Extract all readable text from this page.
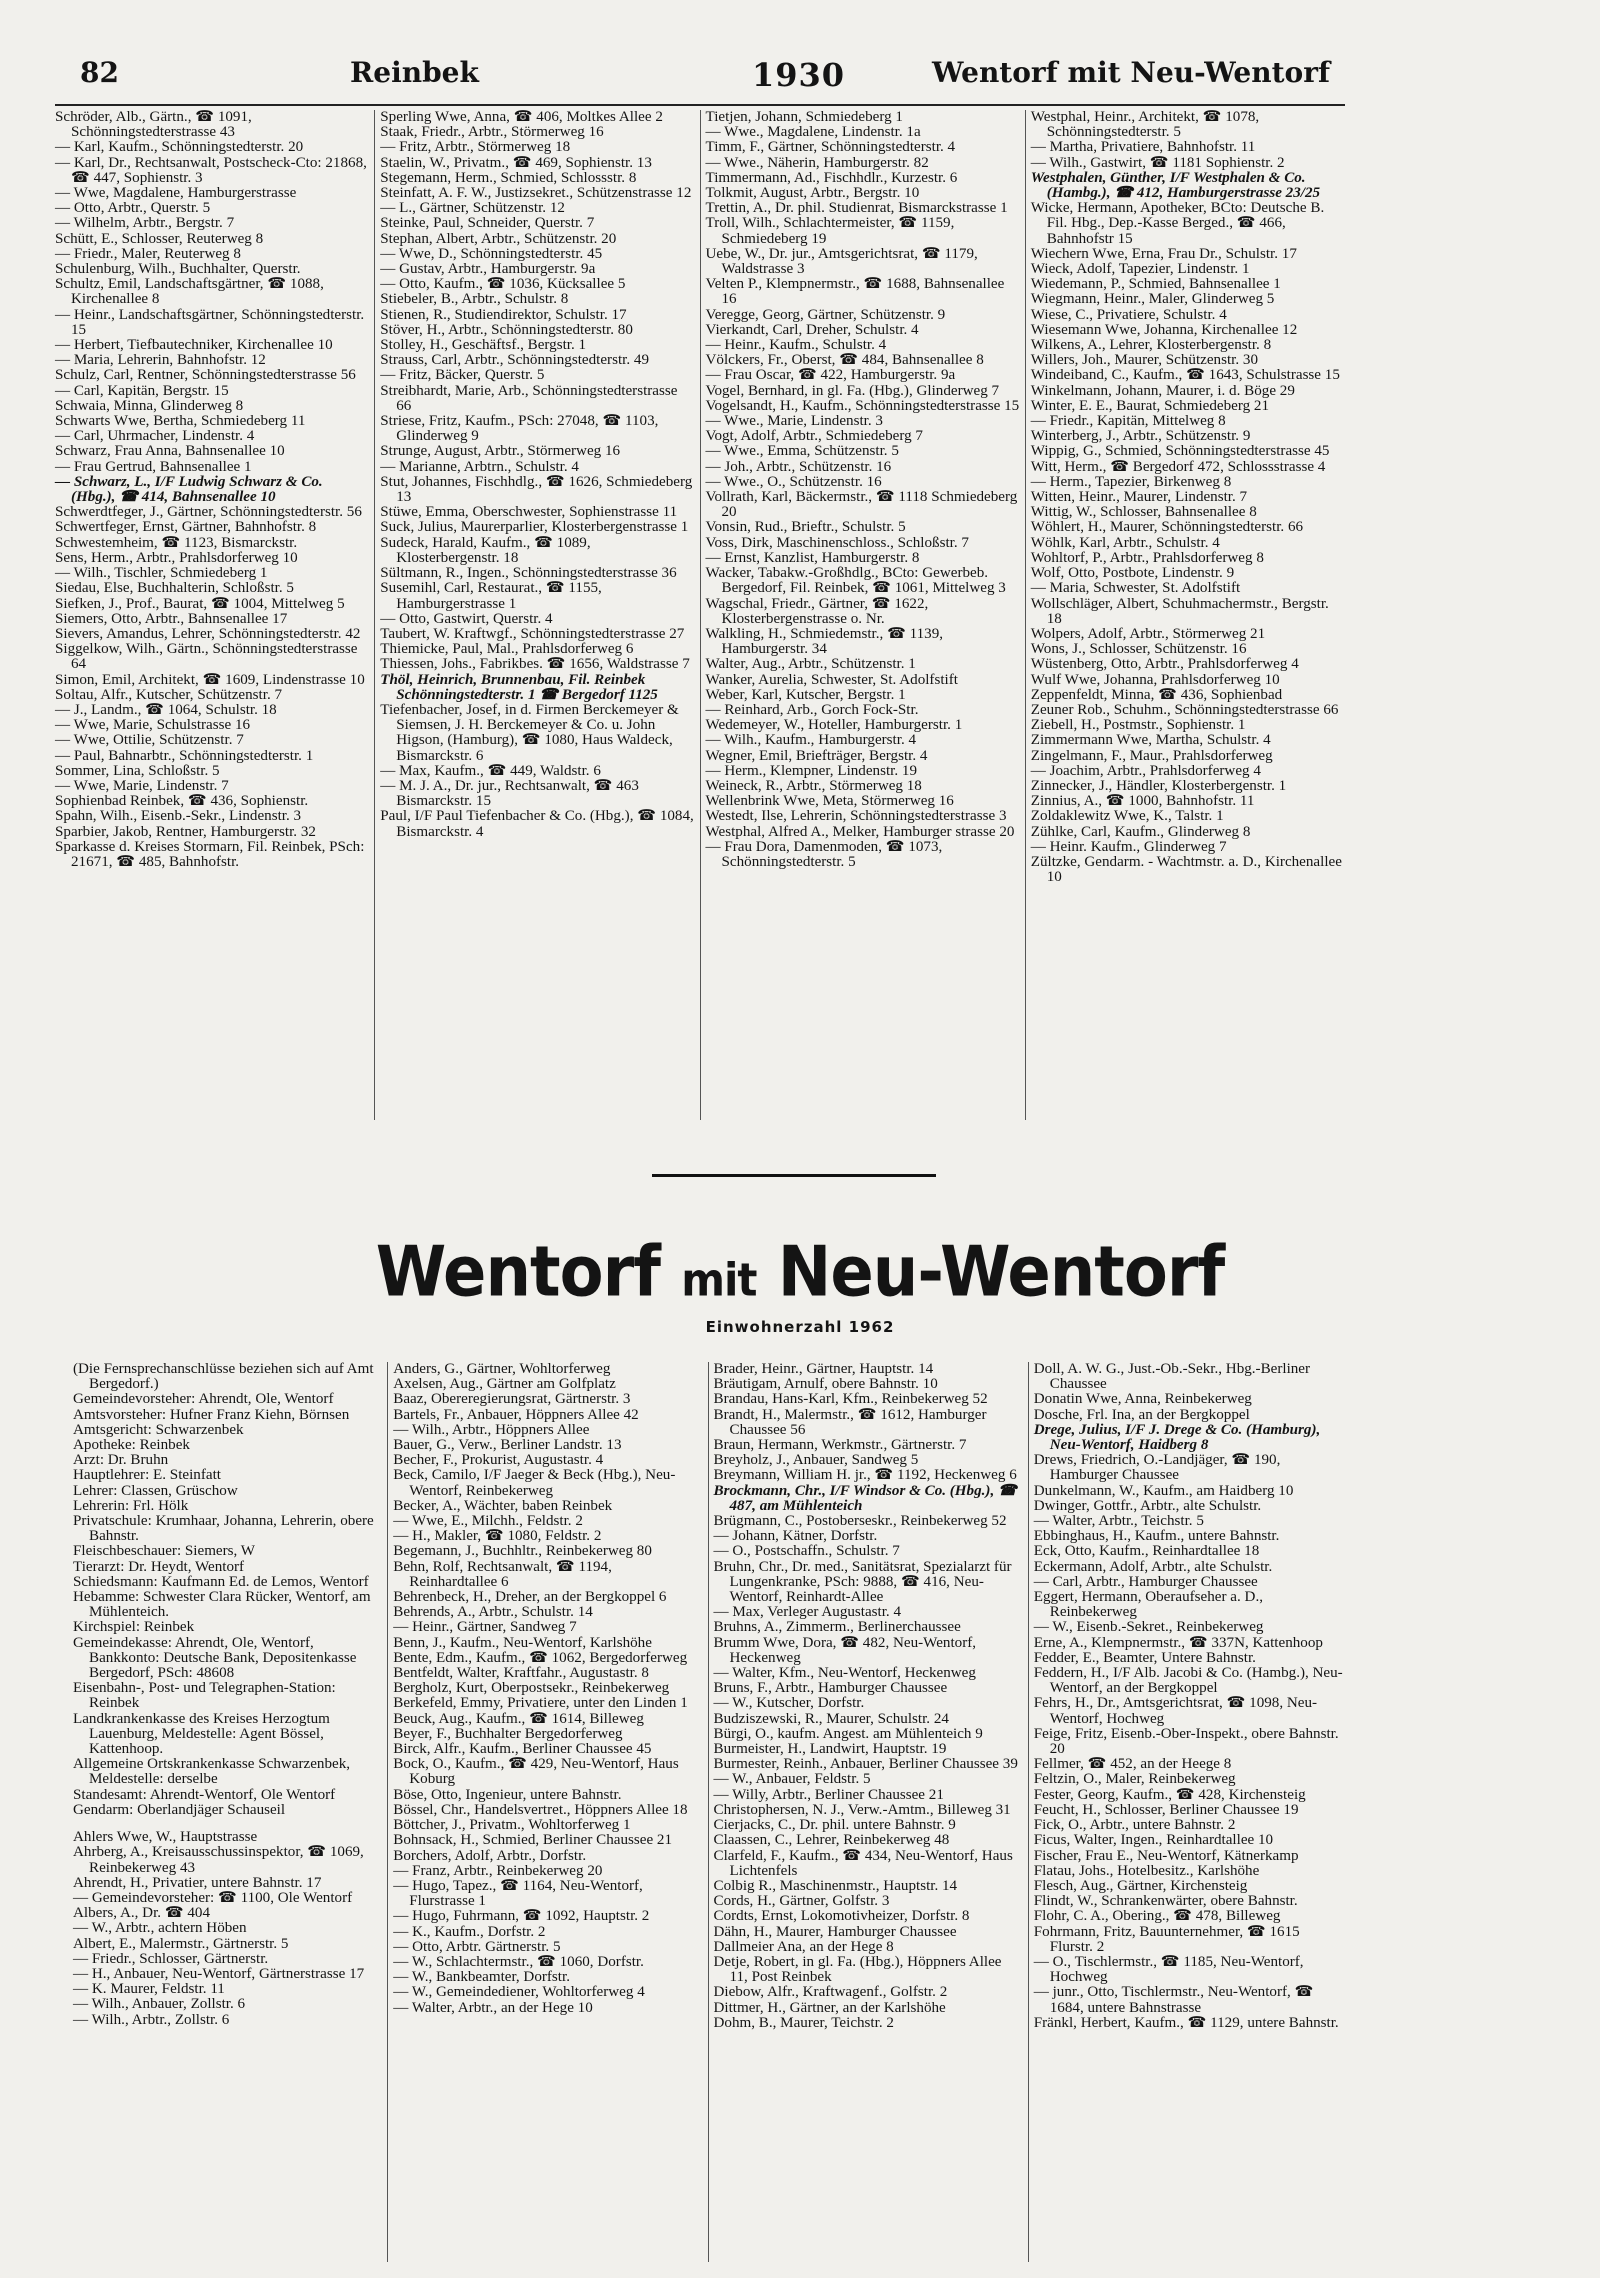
82	Reinbek	1930	Wentorf mit Neu-Wentorf

Schröder, Alb., Gärtn., ☎ 1091, Schönningstedterstrasse 43

— Karl, Kaufm., Schönningstedterstr. 20

— Karl, Dr., Rechtsanwalt, Postscheck-Cto: 21868, ☎ 447, Sophienstr. 3

— Wwe, Magdalene, Hamburgerstrasse

— Otto, Arbtr., Querstr. 5

— Wilhelm, Arbtr., Bergstr. 7

Schütt, E., Schlosser, Reuterweg 8

— Friedr., Maler, Reuterweg 8

Schulenburg, Wilh., Buchhalter, Querstr.

Schultz, Emil, Landschaftsgärtner, ☎ 1088, Kirchenallee 8

— Heinr., Landschaftsgärtner, Schönningstedterstr. 15

— Herbert, Tiefbautechniker, Kirchenallee 10

— Maria, Lehrerin, Bahnhofstr. 12

Schulz, Carl, Rentner, Schönningstedterstrasse 56

— Carl, Kapitän, Bergstr. 15

Schwaia, Minna, Glinderweg 8

Schwarts Wwe, Bertha, Schmiedeberg 11

— Carl, Uhrmacher, Lindenstr. 4

Schwarz, Frau Anna, Bahnsenallee 10

— Frau Gertrud, Bahnsenallee 1

— Schwarz, L., I/F Ludwig Schwarz & Co. (Hbg.), ☎ 414, Bahnsenallee 10

Schwerdtfeger, J., Gärtner, Schönningstedterstr. 56

Schwertfeger, Ernst, Gärtner, Bahnhofstr. 8

Schwestemheim, ☎ 1123, Bismarckstr.

Sens, Herm., Arbtr., Prahlsdorferweg 10

— Wilh., Tischler, Schmiedeberg 1

Siedau, Else, Buchhalterin, Schloßstr. 5

Siefken, J., Prof., Baurat, ☎ 1004, Mittelweg 5

Siemers, Otto, Arbtr., Bahnsenallee 17

Sievers, Amandus, Lehrer, Schönningstedterstr. 42

Siggelkow, Wilh., Gärtn., Schönningstedterstrasse 64

Simon, Emil, Architekt, ☎ 1609, Lindenstrasse 10

Soltau, Alfr., Kutscher, Schützenstr. 7

— J., Landm., ☎ 1064, Schulstr. 18

— Wwe, Marie, Schulstrasse 16

— Wwe, Ottilie, Schützenstr. 7

— Paul, Bahnarbtr., Schönningstedterstr. 1

Sommer, Lina, Schloßstr. 5

— Wwe, Marie, Lindenstr. 7

Sophienbad Reinbek, ☎ 436, Sophienstr.

Spahn, Wilh., Eisenb.-Sekr., Lindenstr. 3

Sparbier, Jakob, Rentner, Hamburgerstr. 32

Sparkasse d. Kreises Stormarn, Fil. Reinbek, PSch: 21671, ☎ 485, Bahnhofstr.

Sperling Wwe, Anna, ☎ 406, Moltkes Allee 2

Staak, Friedr., Arbtr., Störmerweg 16

— Fritz, Arbtr., Störmerweg 18

Staelin, W., Privatm., ☎ 469, Sophienstr. 13

Stegemann, Herm., Schmied, Schlossstr. 8

Steinfatt, A. F. W., Justizsekret., Schützenstrasse 12

— L., Gärtner, Schützenstr. 12

Steinke, Paul, Schneider, Querstr. 7

Stephan, Albert, Arbtr., Schützenstr. 20

— Wwe, D., Schönningstedterstr. 45

— Gustav, Arbtr., Hamburgerstr. 9a

— Otto, Kaufm., ☎ 1036, Kücksallee 5

Stiebeler, B., Arbtr., Schulstr. 8

Stienen, R., Studiendirektor, Schulstr. 17

Stöver, H., Arbtr., Schönningstedterstr. 80

Stolley, H., Geschäftsf., Bergstr. 1

Strauss, Carl, Arbtr., Schönningstedterstr. 49

— Fritz, Bäcker, Querstr. 5

Streibhardt, Marie, Arb., Schönningstedterstrasse 66

Striese, Fritz, Kaufm., PSch: 27048, ☎ 1103, Glinderweg 9

Strunge, August, Arbtr., Störmerweg 16

— Marianne, Arbtrn., Schulstr. 4

Stut, Johannes, Fischhdlg., ☎ 1626, Schmiedeberg 13

Stüwe, Emma, Oberschwester, Sophienstrasse 11

Suck, Julius, Maurerparlier, Klosterbergenstrasse 1

Sudeck, Harald, Kaufm., ☎ 1089, Klosterbergenstr. 18

Sültmann, R., Ingen., Schönningstedterstrasse 36

Susemihl, Carl, Restaurat., ☎ 1155, Hamburgerstrasse 1

— Otto, Gastwirt, Querstr. 4

Taubert, W. Kraftwgf., Schönningstedterstrasse 27

Thiemicke, Paul, Mal., Prahlsdorferweg 6

Thiessen, Johs., Fabrikbes. ☎ 1656, Waldstrasse 7

Thöl, Heinrich, Brunnenbau, Fil. Reinbek Schönningstedterstr. 1 ☎ Bergedorf 1125

Tiefenbacher, Josef, in d. Firmen Berckemeyer & Siemsen, J. H. Berckemeyer & Co. u. John Higson, (Hamburg), ☎ 1080, Haus Waldeck, Bismarckstr. 6

— Max, Kaufm., ☎ 449, Waldstr. 6

— M. J. A., Dr. jur., Rechtsanwalt, ☎ 463 Bismarckstr. 15

Paul, I/F Paul Tiefenbacher & Co. (Hbg.), ☎ 1084, Bismarckstr. 4

Tietjen, Johann, Schmiedeberg 1

— Wwe., Magdalene, Lindenstr. 1a

Timm, F., Gärtner, Schönningstedterstr. 4

— Wwe., Näherin, Hamburgerstr. 82

Timmermann, Ad., Fischhdlr., Kurzestr. 6

Tolkmit, August, Arbtr., Bergstr. 10

Trettin, A., Dr. phil. Studienrat, Bismarckstrasse 1

Troll, Wilh., Schlachtermeister, ☎ 1159, Schmiedeberg 19

Uebe, W., Dr. jur., Amtsgerichtsrat, ☎ 1179, Waldstrasse 3

Velten P., Klempnermstr., ☎ 1688, Bahnsenallee 16

Veregge, Georg, Gärtner, Schützenstr. 9

Vierkandt, Carl, Dreher, Schulstr. 4

— Heinr., Kaufm., Schulstr. 4

Völckers, Fr., Oberst, ☎ 484, Bahnsenallee 8

— Frau Oscar, ☎ 422, Hamburgerstr. 9a

Vogel, Bernhard, in gl. Fa. (Hbg.), Glinderweg 7

Vogelsandt, H., Kaufm., Schönningstedterstrasse 15

— Wwe., Marie, Lindenstr. 3

Vogt, Adolf, Arbtr., Schmiedeberg 7

— Wwe., Emma, Schützenstr. 5

— Joh., Arbtr., Schützenstr. 16

— Wwe., O., Schützenstr. 16

Vollrath, Karl, Bäckermstr., ☎ 1118 Schmiedeberg 20

Vonsin, Rud., Brieftr., Schulstr. 5

Voss, Dirk, Maschinenschloss., Schloßstr. 7

— Ernst, Kanzlist, Hamburgerstr. 8

Wacker, Tabakw.-Großhdlg., BCto: Gewerbeb. Bergedorf, Fil. Reinbek, ☎ 1061, Mittelweg 3

Wagschal, Friedr., Gärtner, ☎ 1622, Klosterbergenstrasse o. Nr.

Walkling, H., Schmiedemstr., ☎ 1139, Hamburgerstr. 34

Walter, Aug., Arbtr., Schützenstr. 1

Wanker, Aurelia, Schwester, St. Adolfstift

Weber, Karl, Kutscher, Bergstr. 1

— Reinhard, Arb., Gorch Fock-Str.

Wedemeyer, W., Hoteller, Hamburgerstr. 1

— Wilh., Kaufm., Hamburgerstr. 4

Wegner, Emil, Briefträger, Bergstr. 4

— Herm., Klempner, Lindenstr. 19

Weineck, R., Arbtr., Störmerweg 18

Wellenbrink Wwe, Meta, Störmerweg 16

Westedt, Ilse, Lehrerin, Schönningstedterstrasse 3

Westphal, Alfred A., Melker, Hamburger strasse 20

— Frau Dora, Damenmoden, ☎ 1073, Schönningstedterstr. 5

Westphal, Heinr., Architekt, ☎ 1078, Schönningstedterstr. 5

— Martha, Privatiere, Bahnhofstr. 11

— Wilh., Gastwirt, ☎ 1181 Sophienstr. 2

Westphalen, Günther, I/F Westphalen & Co. (Hambg.), ☎ 412, Hamburgerstrasse 23/25

Wicke, Hermann, Apotheker, BCto: Deutsche B. Fil. Hbg., Dep.-Kasse Berged., ☎ 466, Bahnhofstr 15

Wiechern Wwe, Erna, Frau Dr., Schulstr. 17

Wieck, Adolf, Tapezier, Lindenstr. 1

Wiedemann, P., Schmied, Bahnsenallee 1

Wiegmann, Heinr., Maler, Glinderweg 5

Wiese, C., Privatiere, Schulstr. 4

Wiesemann Wwe, Johanna, Kirchenallee 12

Wilkens, A., Lehrer, Klosterbergenstr. 8

Willers, Joh., Maurer, Schützenstr. 30

Windeiband, C., Kaufm., ☎ 1643, Schulstrasse 15

Winkelmann, Johann, Maurer, i. d. Böge 29

Winter, E. E., Baurat, Schmiedeberg 21

— Friedr., Kapitän, Mittelweg 8

Winterberg, J., Arbtr., Schützenstr. 9

Wippig, G., Schmied, Schönningstedterstrasse 45

Witt, Herm., ☎ Bergedorf 472, Schlossstrasse 4

— Herm., Tapezier, Birkenweg 8

Witten, Heinr., Maurer, Lindenstr. 7

Wittig, W., Schlosser, Bahnsenallee 8

Wöhlert, H., Maurer, Schönningstedterstr. 66

Wöhlk, Karl, Arbtr., Schulstr. 4

Wohltorf, P., Arbtr., Prahlsdorferweg 8

Wolf, Otto, Postbote, Lindenstr. 9

— Maria, Schwester, St. Adolfstift

Wollschläger, Albert, Schuhmachermstr., Bergstr. 18

Wolpers, Adolf, Arbtr., Störmerweg 21

Wons, J., Schlosser, Schützenstr. 16

Wüstenberg, Otto, Arbtr., Prahlsdorferweg 4

Wulf Wwe, Johanna, Prahlsdorferweg 10

Zeppenfeldt, Minna, ☎ 436, Sophienbad

Zeuner Rob., Schuhm., Schönningstedterstrasse 66

Ziebell, H., Postmstr., Sophienstr. 1

Zimmermann Wwe, Martha, Schulstr. 4

Zingelmann, F., Maur., Prahlsdorferweg

— Joachim, Arbtr., Prahlsdorferweg 4

Zinnecker, J., Händler, Klosterbergenstr. 1

Zinnius, A., ☎ 1000, Bahnhofstr. 11

Zoldaklewitz Wwe, K., Talstr. 1

Zühlke, Carl, Kaufm., Glinderweg 8

— Heinr. Kaufm., Glinderweg 7

Zültzke, Gendarm. - Wachtmstr. a. D., Kirchenallee 10

Wentorf mit Neu-Wentorf
Einwohnerzahl 1962

(Die Fernsprechanschlüsse beziehen sich auf Amt Bergedorf.)

Gemeindevorsteher: Ahrendt, Ole, Wentorf

Amtsvorsteher: Hufner Franz Kiehn, Börnsen

Amtsgericht: Schwarzenbek

Apotheke: Reinbek

Arzt: Dr. Bruhn

Hauptlehrer: E. Steinfatt

Lehrer: Classen, Grüschow

Lehrerin: Frl. Hölk

Privatschule: Krumhaar, Johanna, Lehrerin, obere Bahnstr.

Fleischbeschauer: Siemers, W

Tierarzt: Dr. Heydt, Wentorf

Schiedsmann: Kaufmann Ed. de Lemos, Wentorf

Hebamme: Schwester Clara Rücker, Wentorf, am Mühlenteich.

Kirchspiel: Reinbek

Gemeindekasse: Ahrendt, Ole, Wentorf, Bankkonto: Deutsche Bank, Depositenkasse Bergedorf, PSch: 48608

Eisenbahn-, Post- und Telegraphen-Station: Reinbek

Landkrankenkasse des Kreises Herzogtum Lauenburg, Meldestelle: Agent Bössel, Kattenhoop.

Allgemeine Ortskrankenkasse Schwarzenbek, Meldestelle: derselbe

Standesamt: Ahrendt-Wentorf, Ole Wentorf

Gendarm: Oberlandjäger Schauseil

Ahlers Wwe, W., Hauptstrasse

Ahrberg, A., Kreisausschussinspektor, ☎ 1069, Reinbekerweg 43

Ahrendt, H., Privatier, untere Bahnstr. 17

— Gemeindevorsteher: ☎ 1100, Ole Wentorf

Albers, A., Dr. ☎ 404

— W., Arbtr., achtern Höben

Albert, E., Malermstr., Gärtnerstr. 5

— Friedr., Schlosser, Gärtnerstr.

— H., Anbauer, Neu-Wentorf, Gärtnerstrasse 17

— K. Maurer, Feldstr. 11

— Wilh., Anbauer, Zollstr. 6

— Wilh., Arbtr., Zollstr. 6

Anders, G., Gärtner, Wohltorferweg

Axelsen, Aug., Gärtner am Golfplatz

Baaz, Obereregierungsrat, Gärtnerstr. 3

Bartels, Fr., Anbauer, Höppners Allee 42

— Wilh., Arbtr., Höppners Allee

Bauer, G., Verw., Berliner Landstr. 13

Becher, F., Prokurist, Augustastr. 4

Beck, Camilo, I/F Jaeger & Beck (Hbg.), Neu-Wentorf, Reinbekerweg

Becker, A., Wächter, baben Reinbek

— Wwe, E., Milchh., Feldstr. 2

— H., Makler, ☎ 1080, Feldstr. 2

Begemann, J., Buchhltr., Reinbekerweg 80

Behn, Rolf, Rechtsanwalt, ☎ 1194, Reinhardtallee 6

Behrenbeck, H., Dreher, an der Bergkoppel 6

Behrends, A., Arbtr., Schulstr. 14

— Heinr., Gärtner, Sandweg 7

Benn, J., Kaufm., Neu-Wentorf, Karlshöhe

Bente, Edm., Kaufm., ☎ 1062, Bergedorferweg

Bentfeldt, Walter, Kraftfahr., Augustastr. 8

Bergholz, Kurt, Oberpostsekr., Reinbekerweg

Berkefeld, Emmy, Privatiere, unter den Linden 1

Beuck, Aug., Kaufm., ☎ 1614, Billeweg

Beyer, F., Buchhalter Bergedorferweg

Birck, Alfr., Kaufm., Berliner Chaussee 45

Bock, O., Kaufm., ☎ 429, Neu-Wentorf, Haus Koburg

Böse, Otto, Ingenieur, untere Bahnstr.

Bössel, Chr., Handelsvertret., Höppners Allee 18

Böttcher, J., Privatm., Wohltorferweg 1

Bohnsack, H., Schmied, Berliner Chaussee 21

Borchers, Adolf, Arbtr., Dorfstr.

— Franz, Arbtr., Reinbekerweg 20

— Hugo, Tapez., ☎ 1164, Neu-Wentorf, Flurstrasse 1

— Hugo, Fuhrmann, ☎ 1092, Hauptstr. 2

— K., Kaufm., Dorfstr. 2

— Otto, Arbtr. Gärtnerstr. 5

— W., Schlachtermstr., ☎ 1060, Dorfstr.

— W., Bankbeamter, Dorfstr.

— W., Gemeindediener, Wohltorferweg 4

— Walter, Arbtr., an der Hege 10

Brader, Heinr., Gärtner, Hauptstr. 14

Bräutigam, Arnulf, obere Bahnstr. 10

Brandau, Hans-Karl, Kfm., Reinbekerweg 52

Brandt, H., Malermstr., ☎ 1612, Hamburger Chaussee 56

Braun, Hermann, Werkmstr., Gärtnerstr. 7

Breyholz, J., Anbauer, Sandweg 5

Breymann, William H. jr., ☎ 1192, Heckenweg 6

Brockmann, Chr., I/F Windsor & Co. (Hbg.), ☎ 487, am Mühlenteich

Brügmann, C., Postoberseskr., Reinbekerweg 52

— Johann, Kätner, Dorfstr.

— O., Postschaffn., Schulstr. 7

Bruhn, Chr., Dr. med., Sanitätsrat, Spezialarzt für Lungenkranke, PSch: 9888, ☎ 416, Neu-Wentorf, Reinhardt-Allee

— Max, Verleger Augustastr. 4

Bruhns, A., Zimmerm., Berlinerchaussee

Brumm Wwe, Dora, ☎ 482, Neu-Wentorf, Heckenweg

— Walter, Kfm., Neu-Wentorf, Heckenweg

Bruns, F., Arbtr., Hamburger Chaussee

— W., Kutscher, Dorfstr.

Budziszewski, R., Maurer, Schulstr. 24

Bürgi, O., kaufm. Angest. am Mühlenteich 9

Burmeister, H., Landwirt, Hauptstr. 19

Burmester, Reinh., Anbauer, Berliner Chaussee 39

— W., Anbauer, Feldstr. 5

— Willy, Arbtr., Berliner Chaussee 21

Christophersen, N. J., Verw.-Amtm., Billeweg 31

Cierjacks, C., Dr. phil. untere Bahnstr. 9

Claassen, C., Lehrer, Reinbekerweg 48

Clarfeld, F., Kaufm., ☎ 434, Neu-Wentorf, Haus Lichtenfels

Colbig R., Maschinenmstr., Hauptstr. 14

Cords, H., Gärtner, Golfstr. 3

Cordts, Ernst, Lokomotivheizer, Dorfstr. 8

Dähn, H., Maurer, Hamburger Chaussee

Dallmeier Ana, an der Hege 8

Detje, Robert, in gl. Fa. (Hbg.), Höppners Allee 11, Post Reinbek

Diebow, Alfr., Kraftwagenf., Golfstr. 2

Dittmer, H., Gärtner, an der Karlshöhe

Dohm, B., Maurer, Teichstr. 2

Doll, A. W. G., Just.-Ob.-Sekr., Hbg.-Berliner Chaussee

Donatin Wwe, Anna, Reinbekerweg

Dosche, Frl. Ina, an der Bergkoppel

Drege, Julius, I/F J. Drege & Co. (Hamburg), Neu-Wentorf, Haidberg 8

Drews, Friedrich, O.-Landjäger, ☎ 190, Hamburger Chaussee

Dunkelmann, W., Kaufm., am Haidberg 10

Dwinger, Gottfr., Arbtr., alte Schulstr.

— Walter, Arbtr., Teichstr. 5

Ebbinghaus, H., Kaufm., untere Bahnstr.

Eck, Otto, Kaufm., Reinhardtallee 18

Eckermann, Adolf, Arbtr., alte Schulstr.

— Carl, Arbtr., Hamburger Chaussee

Eggert, Hermann, Oberaufseher a. D., Reinbekerweg

— W., Eisenb.-Sekret., Reinbekerweg

Erne, A., Klempnermstr., ☎ 337N, Kattenhoop

Fedder, E., Beamter, Untere Bahnstr.

Feddern, H., I/F Alb. Jacobi & Co. (Hambg.), Neu-Wentorf, an der Bergkoppel

Fehrs, H., Dr., Amtsgerichtsrat, ☎ 1098, Neu-Wentorf, Hochweg

Feige, Fritz, Eisenb.-Ober-Inspekt., obere Bahnstr. 20

Fellmer, ☎ 452, an der Heege 8

Feltzin, O., Maler, Reinbekerweg

Fester, Georg, Kaufm., ☎ 428, Kirchensteig

Feucht, H., Schlosser, Berliner Chaussee 19

Fick, O., Arbtr., untere Bahnstr. 2

Ficus, Walter, Ingen., Reinhardtallee 10

Fischer, Frau E., Neu-Wentorf, Kätnerkamp

Flatau, Johs., Hotelbesitz., Karlshöhe

Flesch, Aug., Gärtner, Kirchensteig

Flindt, W., Schrankenwärter, obere Bahnstr.

Flohr, C. A., Obering., ☎ 478, Billeweg

Fohrmann, Fritz, Bauunternehmer, ☎ 1615 Flurstr. 2

— O., Tischlermstr., ☎ 1185, Neu-Wentorf, Hochweg

— junr., Otto, Tischlermstr., Neu-Wentorf, ☎ 1684, untere Bahnstrasse

Fränkl, Herbert, Kaufm., ☎ 1129, untere Bahnstr.
